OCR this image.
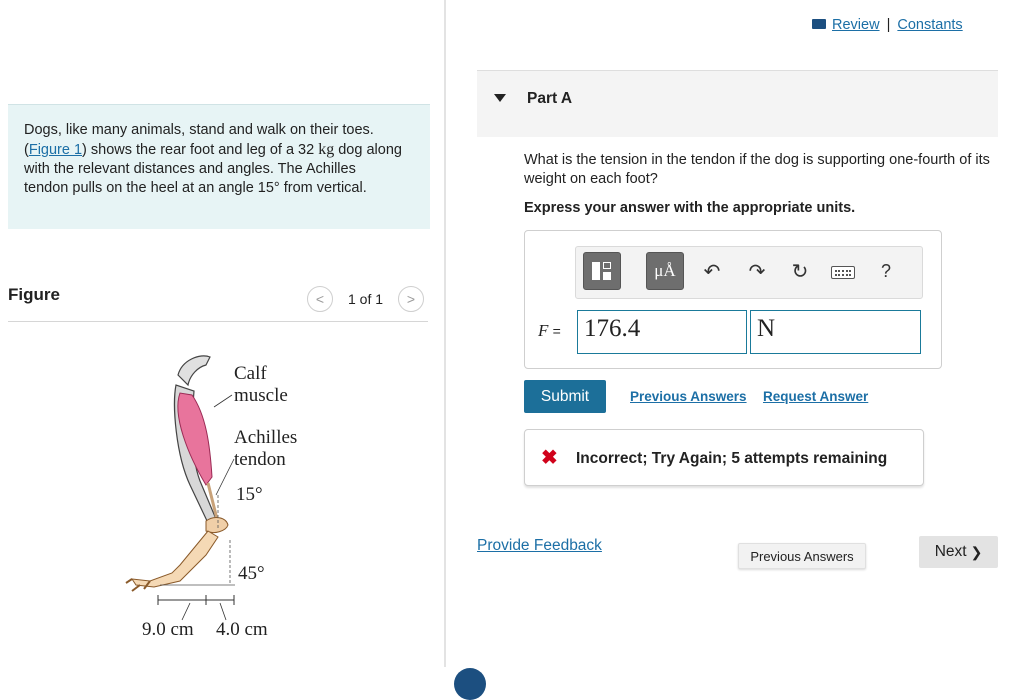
Dogs, like many animals, stand and walk on their toes. (Figure 1) shows the rear foot and leg of a 32 kg dog along with the relevant distances and angles. The Achilles tendon pulls on the heel at an angle 15° from vertical.
Figure	< 1 of 1 >
Calf
muscle
Achilles
tendon
15°
45°
9.0 cm 4.0 cm
Review | Constants
Part A
What is the tension in the tendon if the dog is supporting one-fourth of its weight on each foot?
Express your answer with the appropriate units.
μÅ ↶ ↷ ↻	?
F = 176.4	N
Submit	Previous Answers Request Answer
✖ Incorrect; Try Again; 5 attempts remaining
Provide Feedback
Previous Answers	Next ❯
